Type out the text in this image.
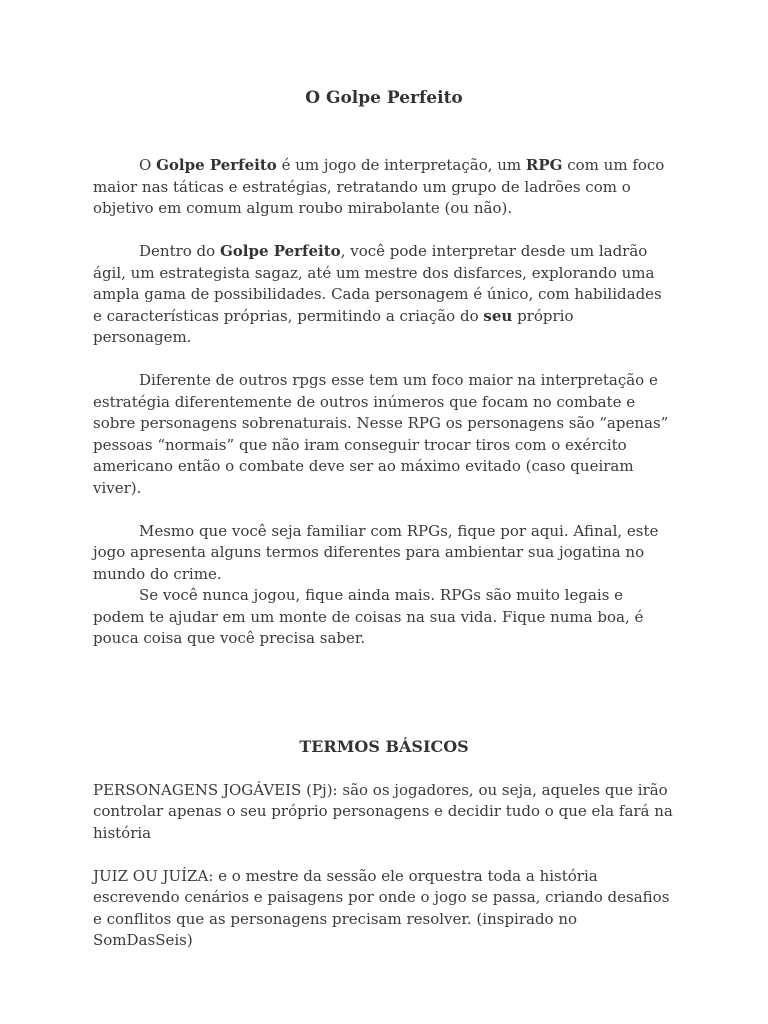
O Golpe Perfeito

O Golpe Perfeito é um jogo de interpretação, um RPG com um foco maior nas táticas e estratégias, retratando um grupo de ladrões com o objetivo em comum algum roubo mirabolante (ou não).

Dentro do Golpe Perfeito, você pode interpretar desde um ladrão ágil, um estrategista sagaz, até um mestre dos disfarces, explorando uma ampla gama de possibilidades. Cada personagem é único, com habilidades e características próprias, permitindo a criação do seu próprio personagem.

Diferente de outros rpgs esse tem um foco maior na interpretação e estratégia diferentemente de outros inúmeros que focam no combate e sobre personagens sobrenaturais. Nesse RPG os personagens são “apenas” pessoas “normais” que não iram conseguir trocar tiros com o exército americano então o combate deve ser ao máximo evitado (caso queiram viver).

Mesmo que você seja familiar com RPGs, fique por aqui. Afinal, este jogo apresenta alguns termos diferentes para ambientar sua jogatina no mundo do crime.

Se você nunca jogou, fique ainda mais. RPGs são muito legais e podem te ajudar em um monte de coisas na sua vida. Fique numa boa, é pouca coisa que você precisa saber.

TERMOS BÁSICOS

PERSONAGENS JOGÁVEIS (Pj): são os jogadores, ou seja, aqueles que irão controlar apenas o seu próprio personagens e decidir tudo o que ela fará na história

JUIZ OU JUÍZA: e o mestre da sessão ele orquestra toda a história escrevendo cenários e paisagens por onde o jogo se passa, criando desafios e conflitos que as personagens precisam resolver. (inspirado no SomDasSeis)
